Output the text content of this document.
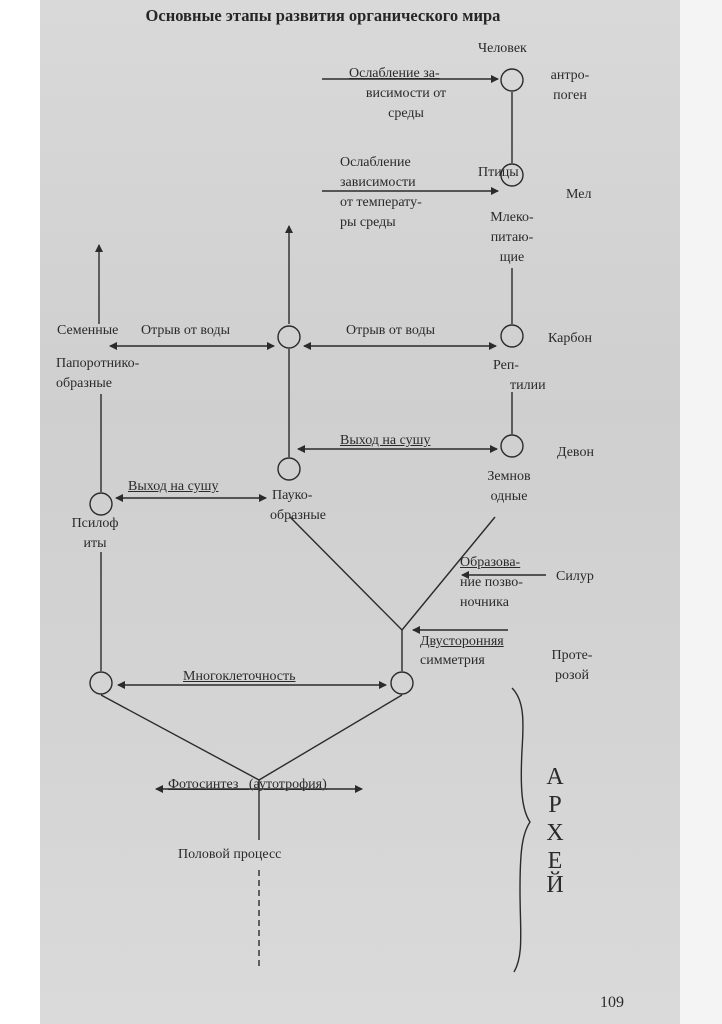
Основные этапы развития органического мира
Человек
антро-
поген
Птицы
Мел
Млеко-
питаю-
щие
Карбон
Реп-
тилии
Девон
Земнов
одные
Силур
Проте-
розой
Семенные
Папоротнико-
образные
Псилоф
иты
Пауко-
образные
Ослабление за-
висимости от
среды
Ослабление
зависимости
от температу-
ры среды
Отрыв от воды	Отрыв от воды
Выход на сушу
Выход на сушу
Образова-
ние позво-
ночника
Двусторонняя
симметрия
Многоклеточность
Фотосинтез   (аутотрофия)
Половой процесс
А
Р
Х
Е
Й
109
